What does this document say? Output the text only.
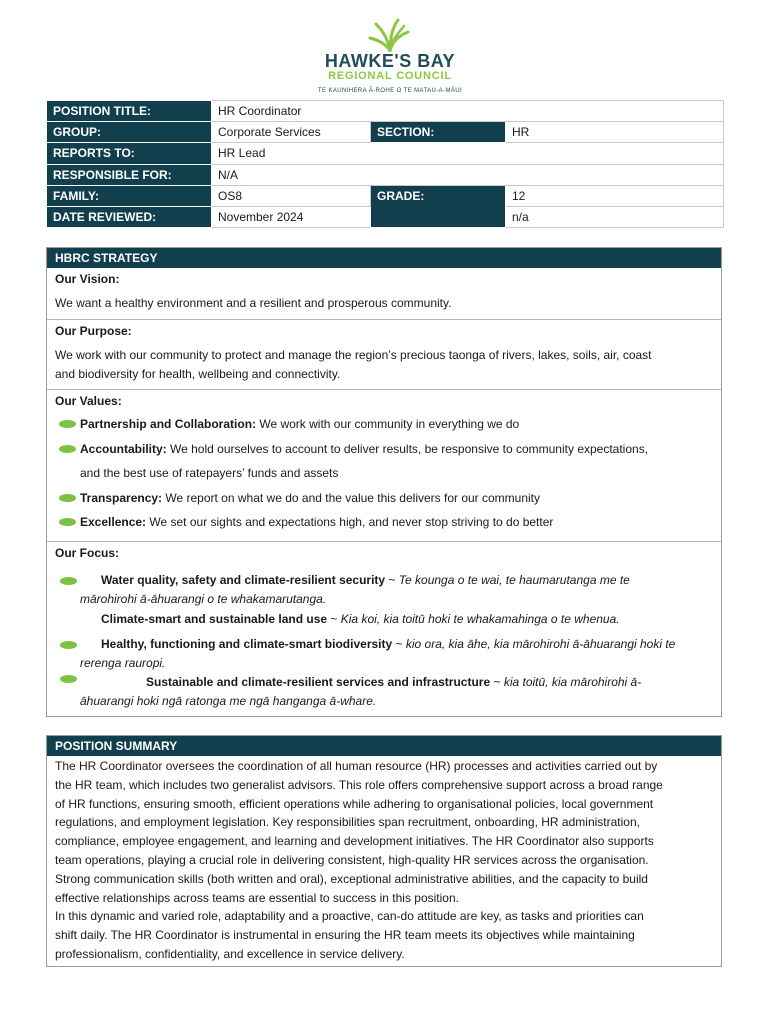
HAWKE'S BAY
REGIONAL COUNCIL
TE KAUNIHERA Ā-ROHE O TE MATAU-A-MĀUI
POSITION TITLE:	HR Coordinator		
GROUP:	Corporate Services	SECTION:	HR
REPORTS TO:	HR Lead		
RESPONSIBLE FOR:	N/A		
FAMILY:	OS8	GRADE:	12
DATE REVIEWED:	November 2024		n/a
HBRC STRATEGY
Our Vision:
We want a healthy environment and a resilient and prosperous community.
Our Purpose:
We work with our community to protect and manage the region’s precious taonga of rivers, lakes, soils, air, coast
and biodiversity for health, wellbeing and connectivity.
Our Values:
Partnership and Collaboration: We work with our community in everything we do
Accountability: We hold ourselves to account to deliver results, be responsive to community expectations,
and the best use of ratepayers’ funds and assets
Transparency: We report on what we do and the value this delivers for our community
Excellence: We set our sights and expectations high, and never stop striving to do better
Our Focus:
Water quality, safety and climate-resilient security ~ Te kounga o te wai, te haumarutanga me te
mārohirohi ā-āhuarangi o te whakamarutanga.
Climate-smart and sustainable land use ~ Kia koi, kia toitū hoki te whakamahinga o te whenua.
Healthy, functioning and climate-smart biodiversity ~ kio ora, kia āhe, kia mārohirohi ā-āhuarangi hoki te
rerenga rauropi.
Sustainable and climate-resilient services and infrastructure ~ kia toitū, kia mārohirohi ā-
āhuarangi hoki ngā ratonga me ngā hanganga ā-whare.
POSITION SUMMARY
The HR Coordinator oversees the coordination of all human resource (HR) processes and activities carried out by
the HR team, which includes two generalist advisors. This role offers comprehensive support across a broad range
of HR functions, ensuring smooth, efficient operations while adhering to organisational policies, local government
regulations, and employment legislation. Key responsibilities span recruitment, onboarding, HR administration,
compliance, employee engagement, and learning and development initiatives. The HR Coordinator also supports
team operations, playing a crucial role in delivering consistent, high-quality HR services across the organisation.
Strong communication skills (both written and oral), exceptional administrative abilities, and the capacity to build
effective relationships across teams are essential to success in this position.
In this dynamic and varied role, adaptability and a proactive, can-do attitude are key, as tasks and priorities can
shift daily. The HR Coordinator is instrumental in ensuring the HR team meets its objectives while maintaining
professionalism, confidentiality, and excellence in service delivery.
